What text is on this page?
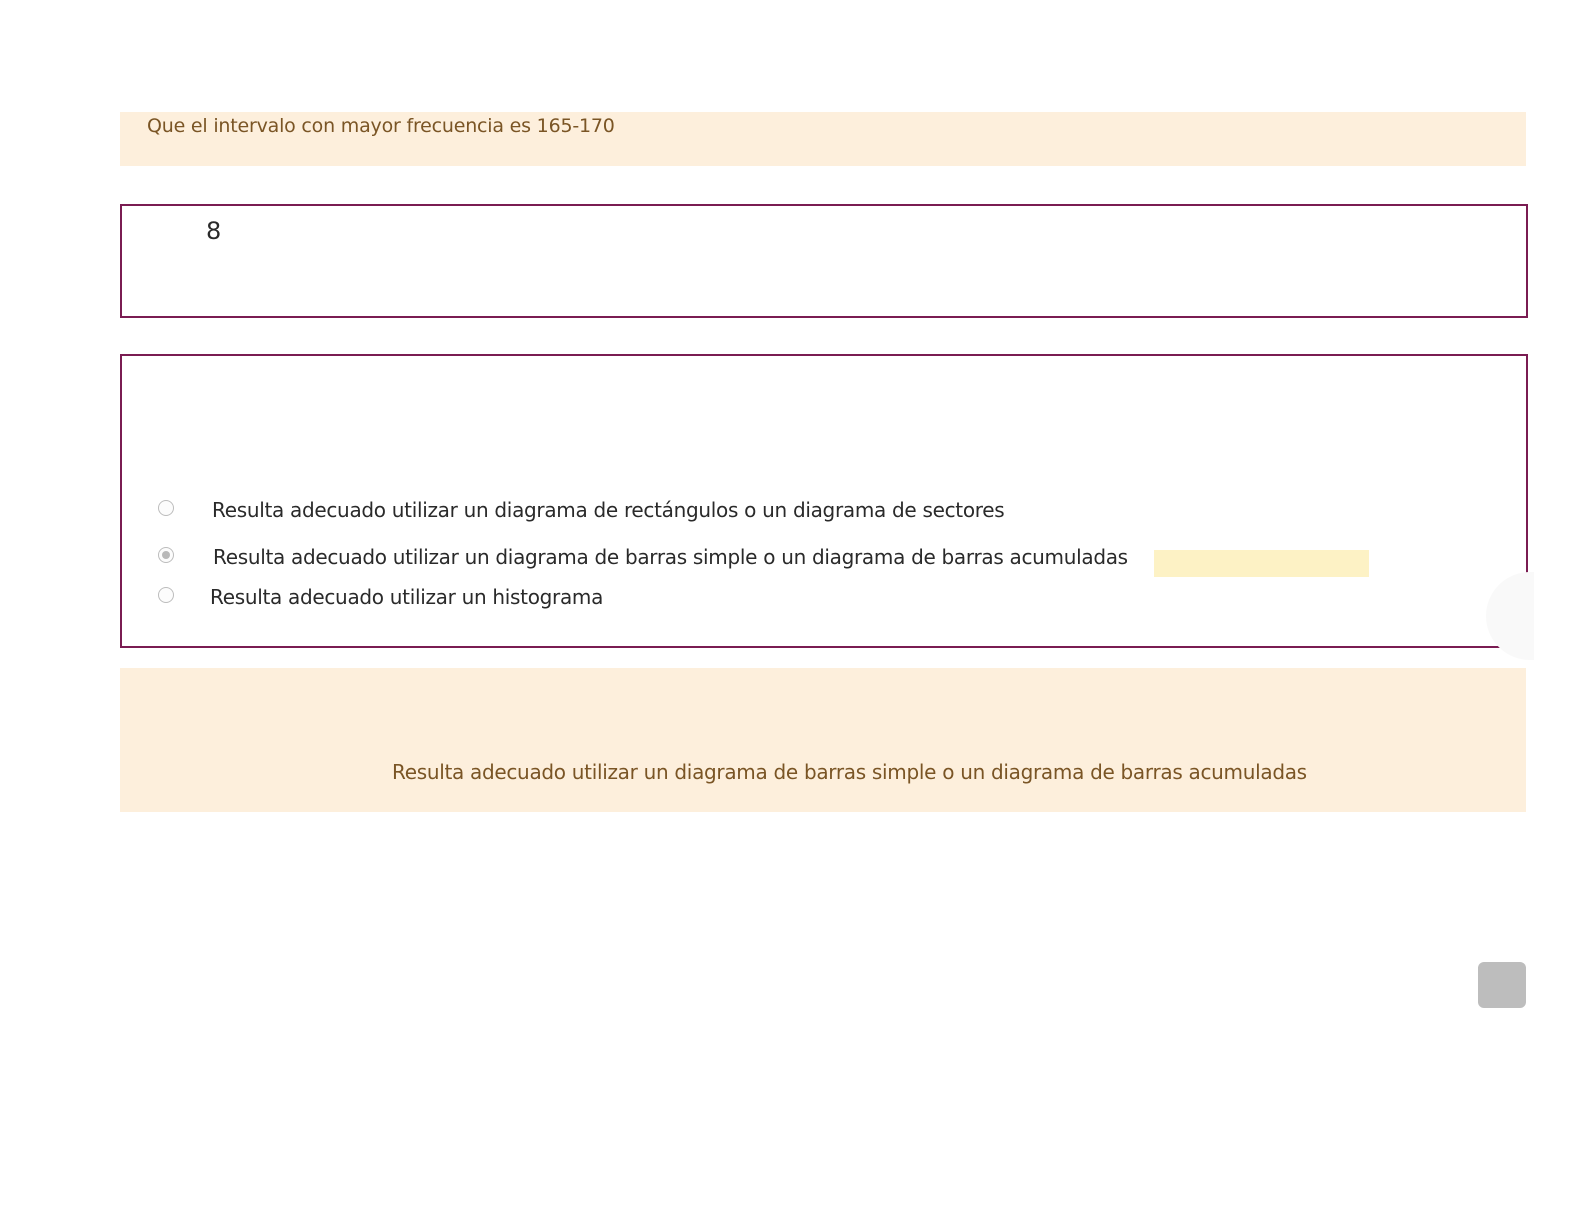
Que el intervalo con mayor frecuencia es 165-170
8
Resulta adecuado utilizar un diagrama de rectángulos o un diagrama de sectores
Resulta adecuado utilizar un diagrama de barras simple o un diagrama de barras acumuladas
Resulta adecuado utilizar un histograma
Resulta adecuado utilizar un diagrama de barras simple o un diagrama de barras acumuladas
